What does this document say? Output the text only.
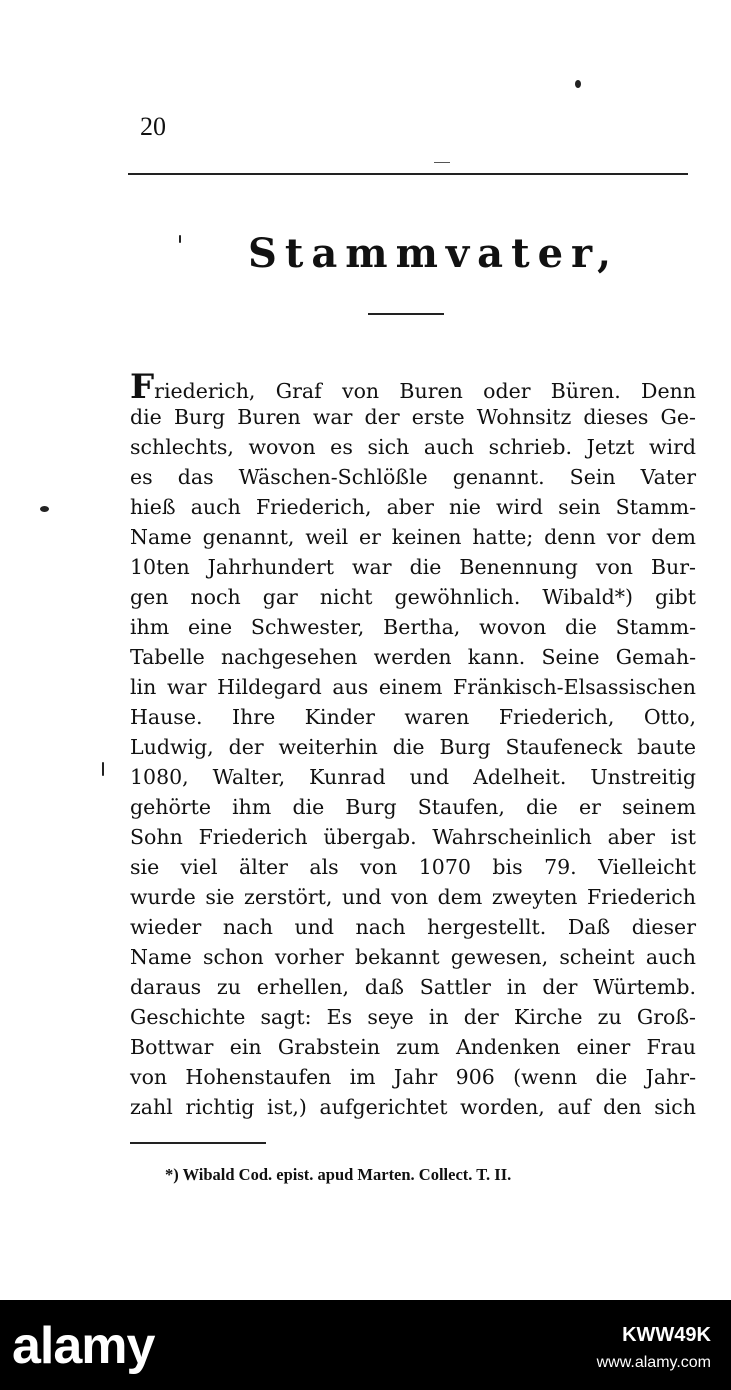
20
Stammvater,
Friederich, Graf von Buren oder Büren. Denn
die Burg Buren war der erste Wohnsitz dieses Ge-
schlechts, wovon es sich auch schrieb. Jetzt wird
es das Wäschen-Schlößle genannt. Sein Vater
hieß auch Friederich, aber nie wird sein Stamm-
Name genannt, weil er keinen hatte; denn vor dem
10ten Jahrhundert war die Benennung von Bur-
gen noch gar nicht gewöhnlich. Wibald*) gibt
ihm eine Schwester, Bertha, wovon die Stamm-
Tabelle nachgesehen werden kann. Seine Gemah-
lin war Hildegard aus einem Fränkisch-Elsassischen
Hause. Ihre Kinder waren Friederich, Otto,
Ludwig, der weiterhin die Burg Staufeneck baute
1080, Walter, Kunrad und Adelheit. Unstreitig
gehörte ihm die Burg Staufen, die er seinem
Sohn Friederich übergab. Wahrscheinlich aber ist
sie viel älter als von 1070 bis 79. Vielleicht
wurde sie zerstört, und von dem zweyten Friederich
wieder nach und nach hergestellt. Daß dieser
Name schon vorher bekannt gewesen, scheint auch
daraus zu erhellen, daß Sattler in der Würtemb.
Geschichte sagt: Es seye in der Kirche zu Groß-
Bottwar ein Grabstein zum Andenken einer Frau
von Hohenstaufen im Jahr 906 (wenn die Jahr-
zahl richtig ist,) aufgerichtet worden, auf den sich
*) Wibald Cod. epist. apud Marten. Collect. T. II.
alamy	KWW49K
www.alamy.com
